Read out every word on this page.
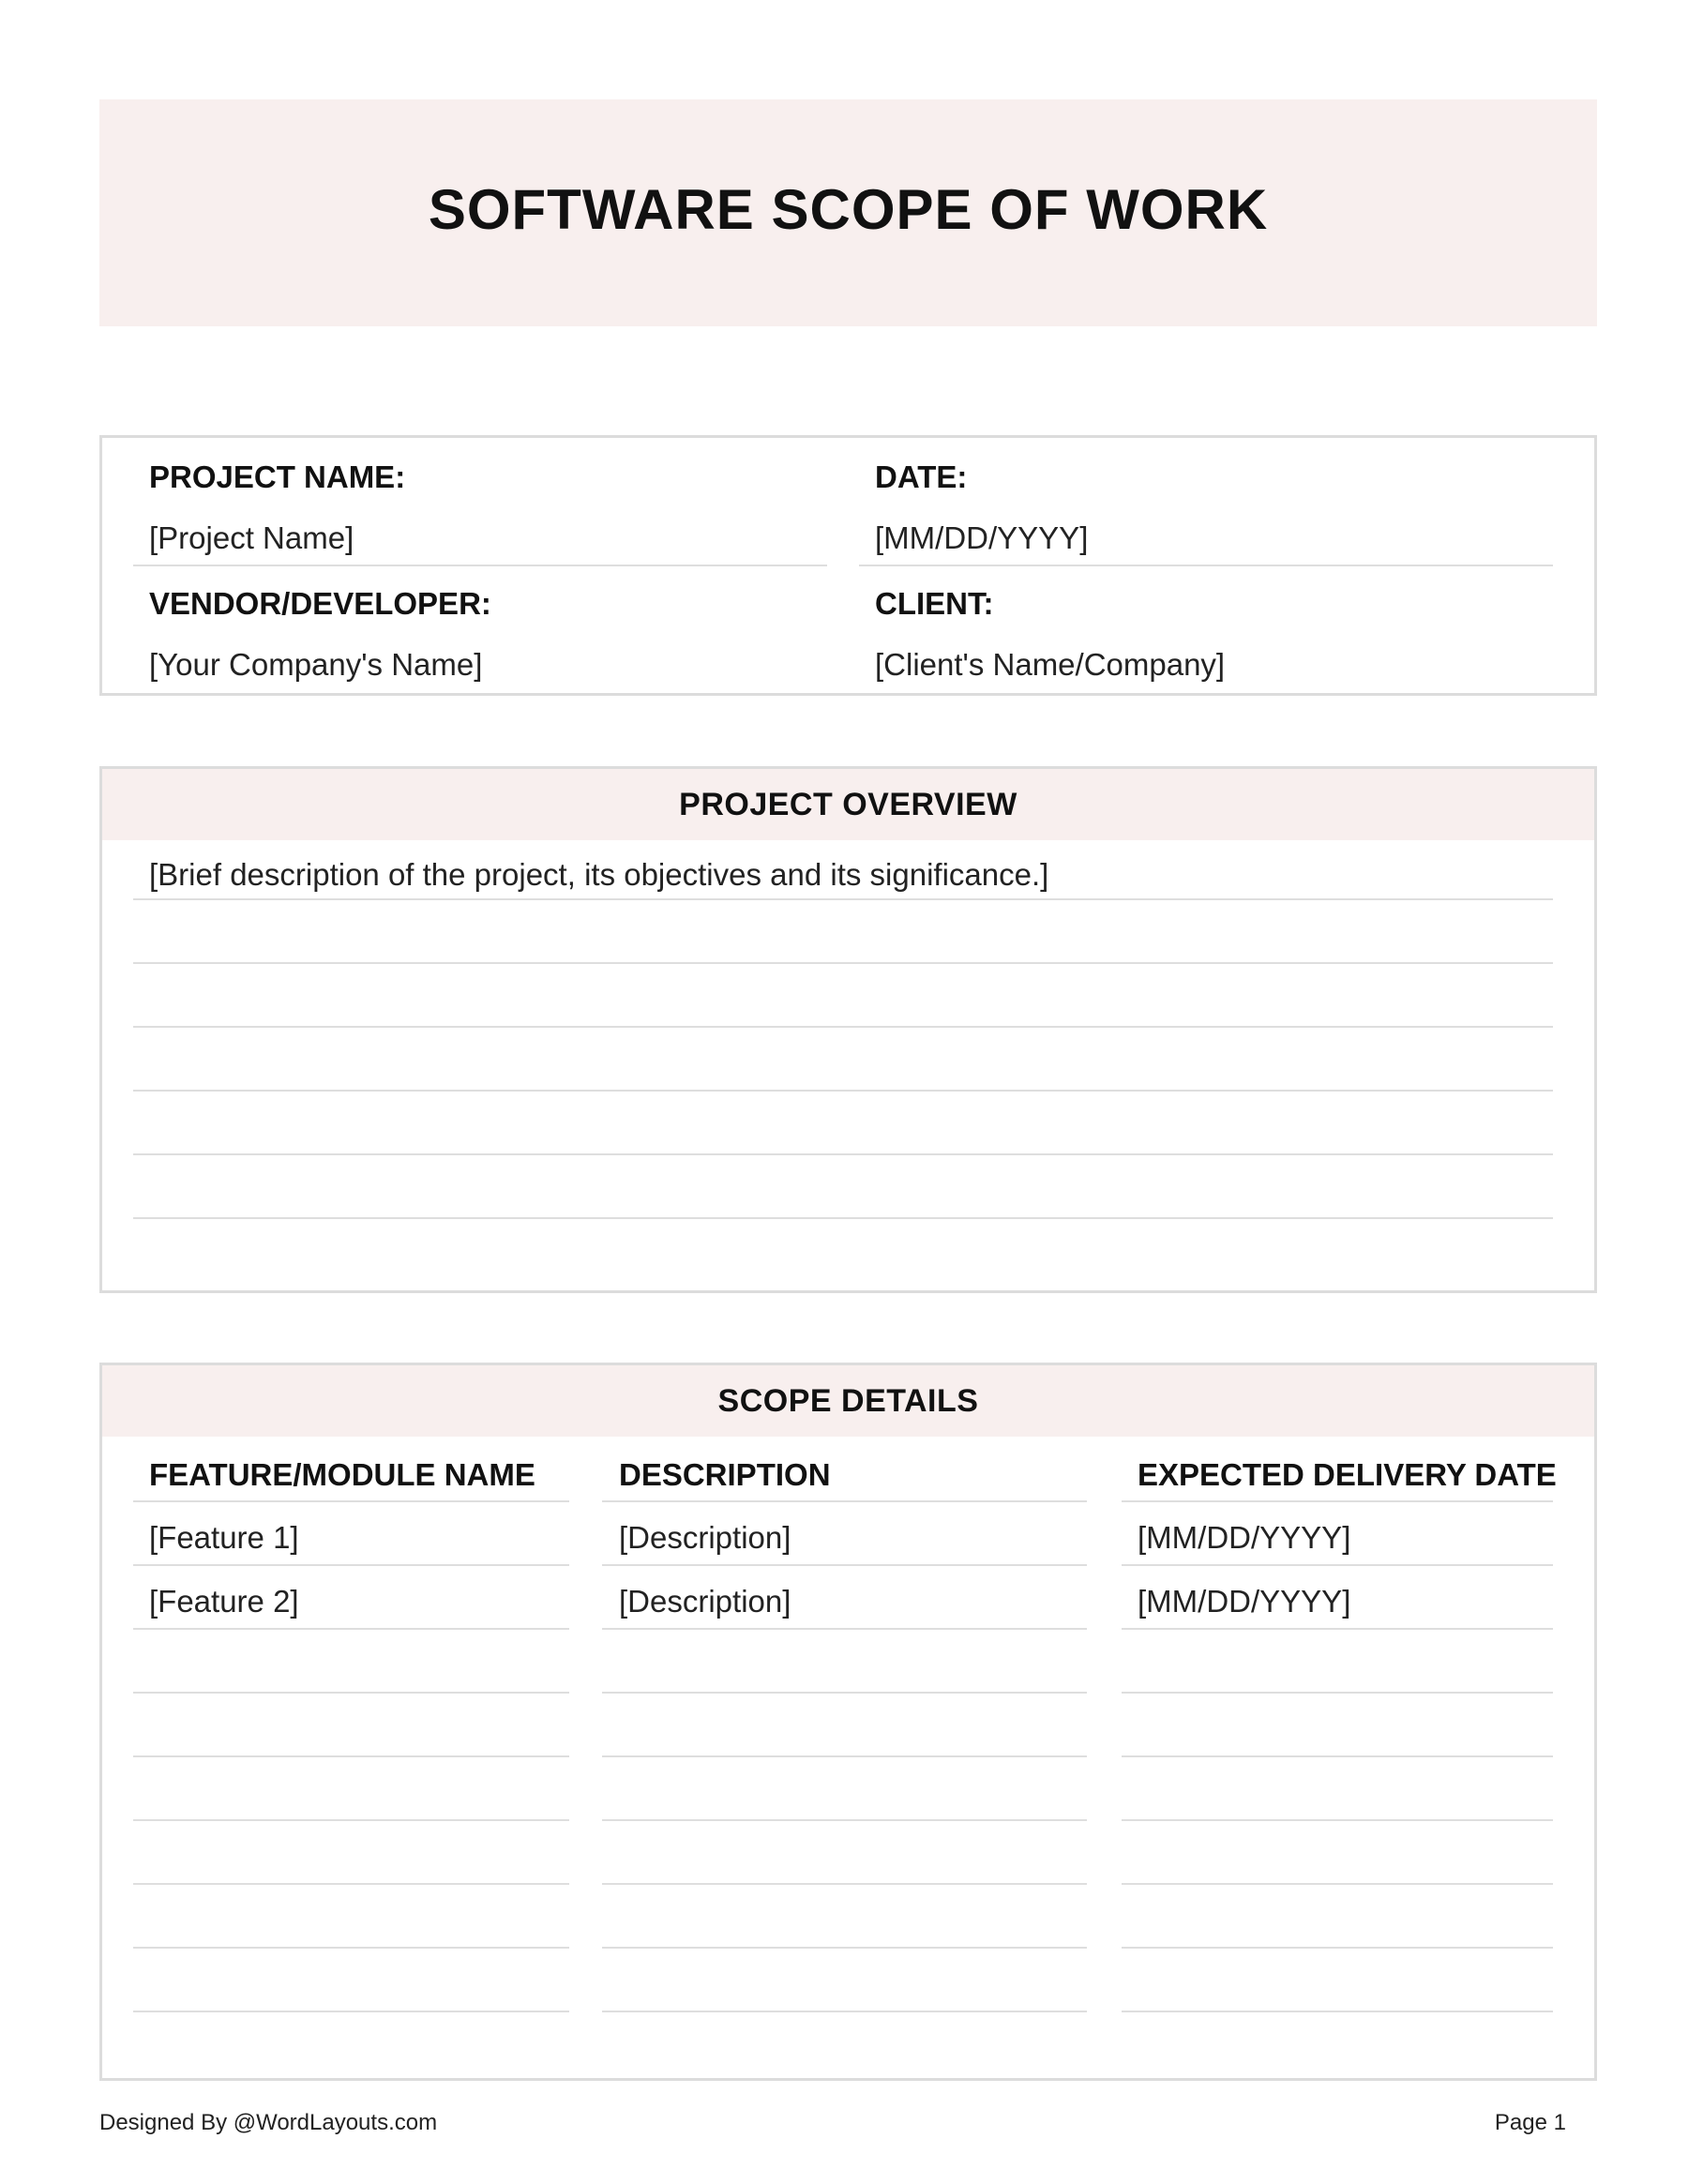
SOFTWARE SCOPE OF WORK
PROJECT NAME:
[Project Name]
DATE:
[MM/DD/YYYY]
VENDOR/DEVELOPER:
[Your Company's Name]
CLIENT:
[Client's Name/Company]
PROJECT OVERVIEW
[Brief description of the project, its objectives and its significance.]
SCOPE DETAILS
FEATURE/MODULE NAME	DESCRIPTION	EXPECTED DELIVERY DATE
[Feature 1]	[Description]	[MM/DD/YYYY]
[Feature 2]	[Description]	[MM/DD/YYYY]
Designed By @WordLayouts.com	Page 1
